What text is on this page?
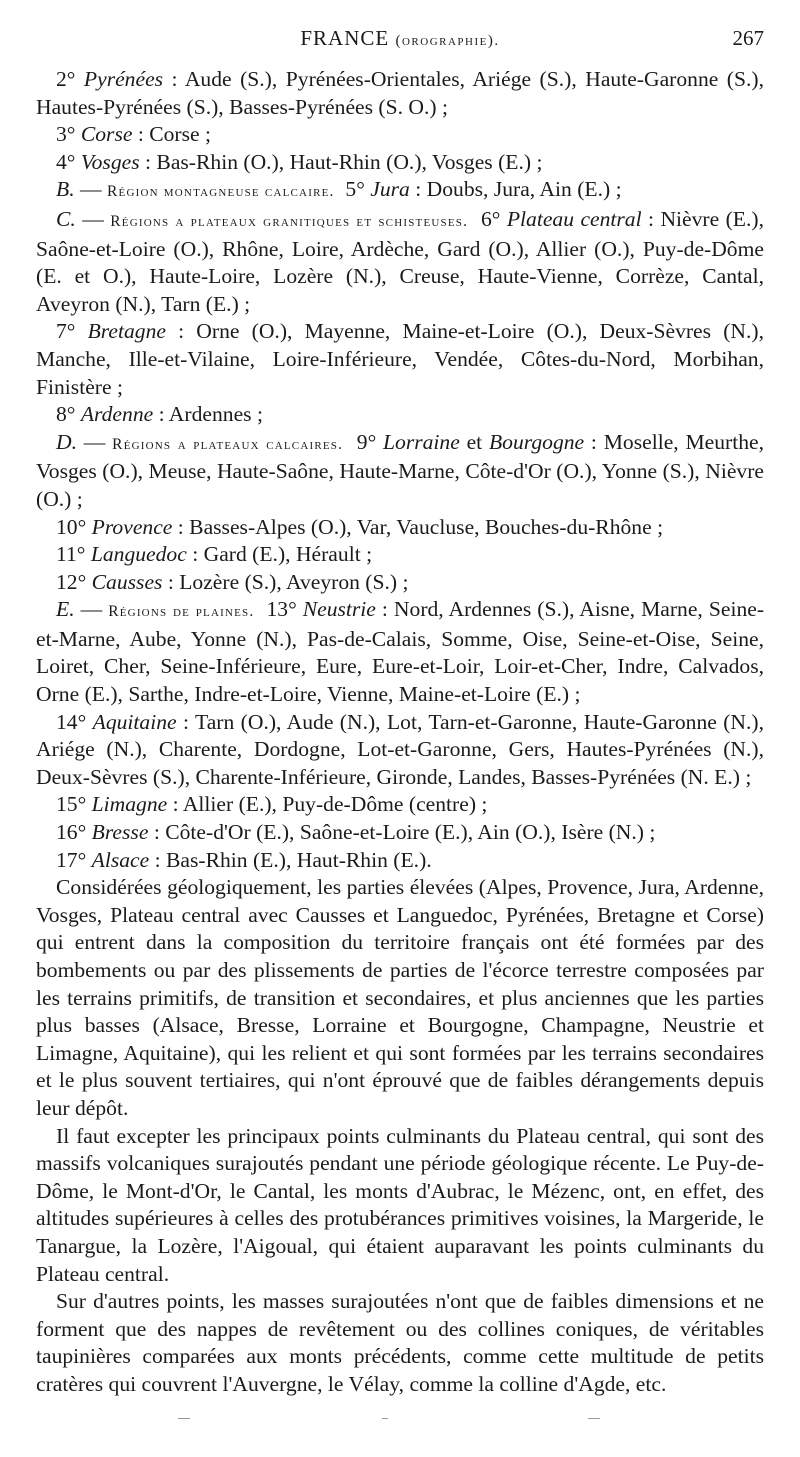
FRANCE (orographie).	267

2° Pyrénées : Aude (S.), Pyrénées-Orientales, Ariége (S.), Haute-Garonne (S.), Hautes-Pyrénées (S.), Basses-Pyrénées (S. O.) ;

3° Corse : Corse ;

4° Vosges : Bas-Rhin (O.), Haut-Rhin (O.), Vosges (E.) ;

B. — Région montagneuse calcaire. 5° Jura : Doubs, Jura, Ain (E.) ;

C. — Régions a plateaux granitiques et schisteuses. 6° Plateau central : Nièvre (E.), Saône-et-Loire (O.), Rhône, Loire, Ardèche, Gard (O.), Allier (O.), Puy-de-Dôme (E. et O.), Haute-Loire, Lozère (N.), Creuse, Haute-Vienne, Corrèze, Cantal, Aveyron (N.), Tarn (E.) ;

7° Bretagne : Orne (O.), Mayenne, Maine-et-Loire (O.), Deux-Sèvres (N.), Manche, Ille-et-Vilaine, Loire-Inférieure, Vendée, Côtes-du-Nord, Morbihan, Finistère ;

8° Ardenne : Ardennes ;

D. — Régions a plateaux calcaires. 9° Lorraine et Bourgogne : Moselle, Meurthe, Vosges (O.), Meuse, Haute-Saône, Haute-Marne, Côte-d'Or (O.), Yonne (S.), Nièvre (O.) ;

10° Provence : Basses-Alpes (O.), Var, Vaucluse, Bouches-du-Rhône ;

11° Languedoc : Gard (E.), Hérault ;

12° Causses : Lozère (S.), Aveyron (S.) ;

E. — Régions de plaines. 13° Neustrie : Nord, Ardennes (S.), Aisne, Marne, Seine-et-Marne, Aube, Yonne (N.), Pas-de-Calais, Somme, Oise, Seine-et-Oise, Seine, Loiret, Cher, Seine-Inférieure, Eure, Eure-et-Loir, Loir-et-Cher, Indre, Calvados, Orne (E.), Sarthe, Indre-et-Loire, Vienne, Maine-et-Loire (E.) ;

14° Aquitaine : Tarn (O.), Aude (N.), Lot, Tarn-et-Garonne, Haute-Garonne (N.), Ariége (N.), Charente, Dordogne, Lot-et-Garonne, Gers, Hautes-Pyrénées (N.), Deux-Sèvres (S.), Charente-Inférieure, Gironde, Landes, Basses-Pyrénées (N. E.) ;

15° Limagne : Allier (E.), Puy-de-Dôme (centre) ;

16° Bresse : Côte-d'Or (E.), Saône-et-Loire (E.), Ain (O.), Isère (N.) ;

17° Alsace : Bas-Rhin (E.), Haut-Rhin (E.).

Considérées géologiquement, les parties élevées (Alpes, Provence, Jura, Ardenne, Vosges, Plateau central avec Causses et Languedoc, Pyrénées, Bretagne et Corse) qui entrent dans la composition du territoire français ont été formées par des bombements ou par des plissements de parties de l'écorce terrestre composées par les terrains primitifs, de transition et secondaires, et plus anciennes que les parties plus basses (Alsace, Bresse, Lorraine et Bourgogne, Champagne, Neustrie et Limagne, Aquitaine), qui les relient et qui sont formées par les terrains secondaires et le plus souvent tertiaires, qui n'ont éprouvé que de faibles dérangements depuis leur dépôt.

Il faut excepter les principaux points culminants du Plateau central, qui sont des massifs volcaniques surajoutés pendant une période géologique récente. Le Puy-de-Dôme, le Mont-d'Or, le Cantal, les monts d'Aubrac, le Mézenc, ont, en effet, des altitudes supérieures à celles des protubérances primitives voisines, la Margeride, le Tanargue, la Lozère, l'Aigoual, qui étaient auparavant les points culminants du Plateau central.

Sur d'autres points, les masses surajoutées n'ont que de faibles dimensions et ne forment que des nappes de revêtement ou des collines coniques, de véritables taupinières comparées aux monts précédents, comme cette multitude de petits cratères qui couvrent l'Auvergne, le Vélay, comme la colline d'Agde, etc.
